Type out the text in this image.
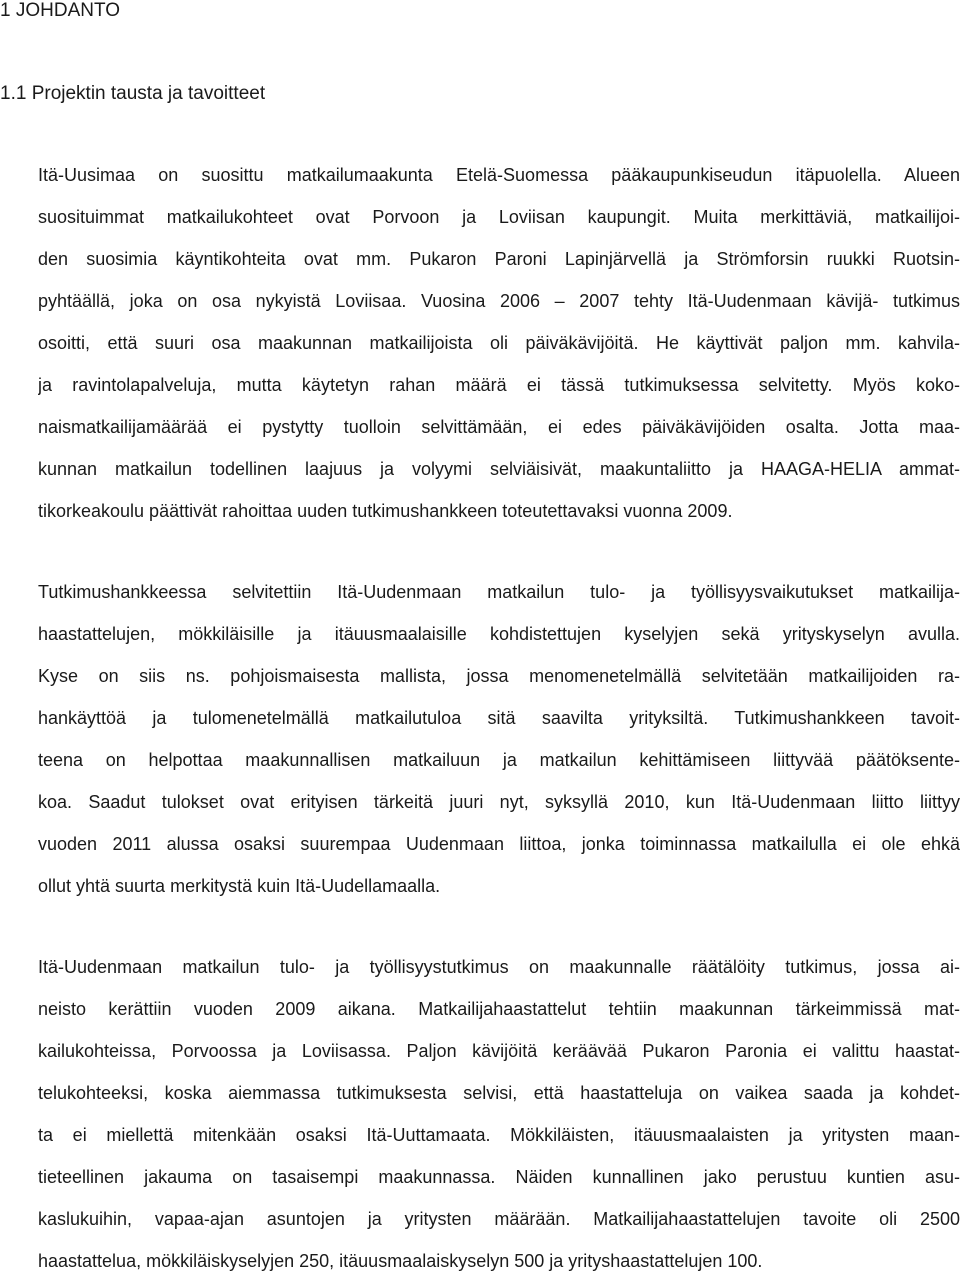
1 JOHDANTO
1.1 Projektin tausta ja tavoitteet
Itä-Uusimaa on suosittu matkailumaakunta Etelä-Suomessa pääkaupunkiseudun itäpuolella. Alueen
suosituimmat matkailukohteet ovat Porvoon ja Loviisan kaupungit. Muita merkittäviä, matkailijoi-
den suosimia käyntikohteita ovat mm. Pukaron Paroni Lapinjärvellä ja Strömforsin ruukki Ruotsin-
pyhtäällä, joka on osa nykyistä Loviisaa. Vuosina 2006 – 2007 tehty Itä-Uudenmaan kävijä- tutkimus
osoitti, että suuri osa maakunnan matkailijoista oli päiväkävijöitä. He käyttivät paljon mm. kahvila-
ja ravintolapalveluja, mutta käytetyn rahan määrä ei tässä tutkimuksessa selvitetty. Myös koko-
naismatkailijamäärää ei pystytty tuolloin selvittämään, ei edes päiväkävijöiden osalta. Jotta maa-
kunnan matkailun todellinen laajuus ja volyymi selviäisivät, maakuntaliitto ja HAAGA-HELIA ammat-
tikorkeakoulu päättivät rahoittaa uuden tutkimushankkeen toteutettavaksi vuonna 2009.
Tutkimushankkeessa selvitettiin Itä-Uudenmaan matkailun tulo- ja työllisyysvaikutukset matkailija-
haastattelujen, mökkiläisille ja itäuusmaalaisille kohdistettujen kyselyjen sekä yrityskyselyn avulla.
Kyse on siis ns. pohjoismaisesta mallista, jossa menomenetelmällä selvitetään matkailijoiden ra-
hankäyttöä ja tulomenetelmällä matkailutuloa sitä saavilta yrityksiltä. Tutkimushankkeen tavoit-
teena on helpottaa maakunnallisen matkailuun ja matkailun kehittämiseen liittyvää päätöksente-
koa. Saadut tulokset ovat erityisen tärkeitä juuri nyt, syksyllä 2010, kun Itä-Uudenmaan liitto liittyy
vuoden 2011 alussa osaksi suurempaa Uudenmaan liittoa, jonka toiminnassa matkailulla ei ole ehkä
ollut yhtä suurta merkitystä kuin Itä-Uudellamaalla.
Itä-Uudenmaan matkailun tulo- ja työllisyystutkimus on maakunnalle räätälöity tutkimus, jossa ai-
neisto kerättiin vuoden 2009 aikana. Matkailijahaastattelut tehtiin maakunnan tärkeimmissä mat-
kailukohteissa, Porvoossa ja Loviisassa. Paljon kävijöitä keräävää Pukaron Paronia ei valittu haastat-
telukohteeksi, koska aiemmassa tutkimuksesta selvisi, että haastatteluja on vaikea saada ja kohdet-
ta ei miellettä mitenkään osaksi Itä-Uuttamaata. Mökkiläisten, itäuusmaalaisten ja yritysten maan-
tieteellinen jakauma on tasaisempi maakunnassa. Näiden kunnallinen jako perustuu kuntien asu-
kaslukuihin, vapaa-ajan asuntojen ja yritysten määrään. Matkailijahaastattelujen tavoite oli 2500
haastattelua, mökkiläiskyselyjen 250, itäuusmaalaiskyselyn 500 ja yrityshaastattelujen 100.
